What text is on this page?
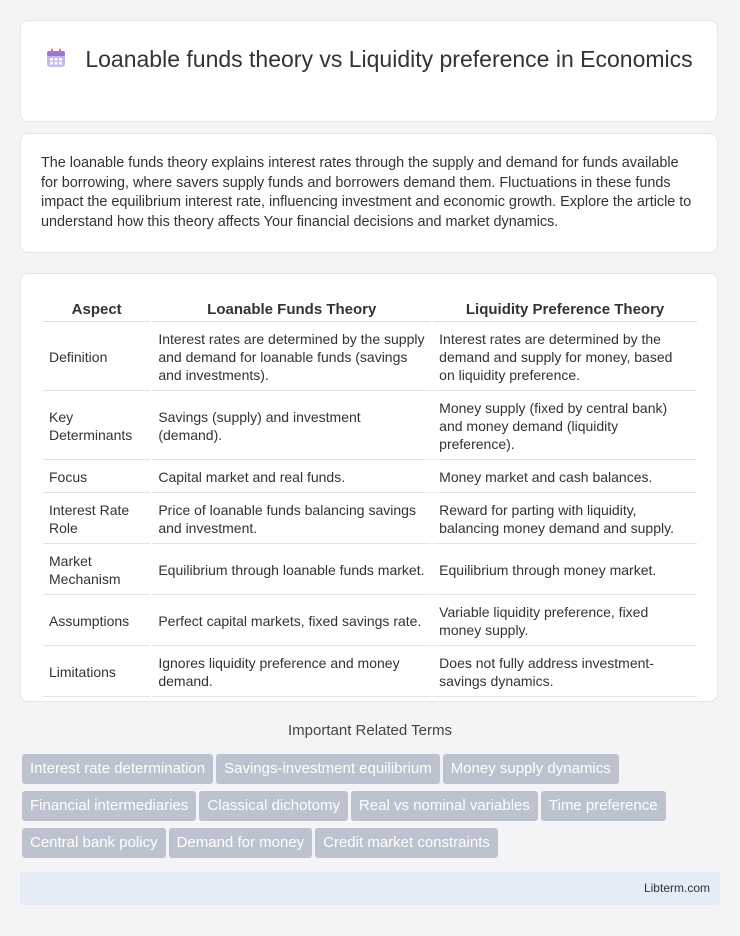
Loanable funds theory vs Liquidity preference in Economics

The loanable funds theory explains interest rates through the supply and demand for funds available for borrowing, where savers supply funds and borrowers demand them. Fluctuations in these funds impact the equilibrium interest rate, influencing investment and economic growth. Explore the article to understand how this theory affects Your financial decisions and market dynamics.

Aspect	Loanable Funds Theory	Liquidity Preference Theory
Definition	Interest rates are determined by the supply and demand for loanable funds (savings and investments).	Interest rates are determined by the demand and supply for money, based on liquidity preference.
Key Determinants	Savings (supply) and investment (demand).	Money supply (fixed by central bank) and money demand (liquidity preference).
Focus	Capital market and real funds.	Money market and cash balances.
Interest Rate Role	Price of loanable funds balancing savings and investment.	Reward for parting with liquidity, balancing money demand and supply.
Market Mechanism	Equilibrium through loanable funds market.	Equilibrium through money market.
Assumptions	Perfect capital markets, fixed savings rate.	Variable liquidity preference, fixed money supply.
Limitations	Ignores liquidity preference and money demand.	Does not fully address investment-savings dynamics.
Important Related Terms
Interest rate determination Savings-investment equilibrium Money supply dynamics
Financial intermediaries Classical dichotomy Real vs nominal variables Time preference
Central bank policy Demand for money Credit market constraints
Libterm.com
